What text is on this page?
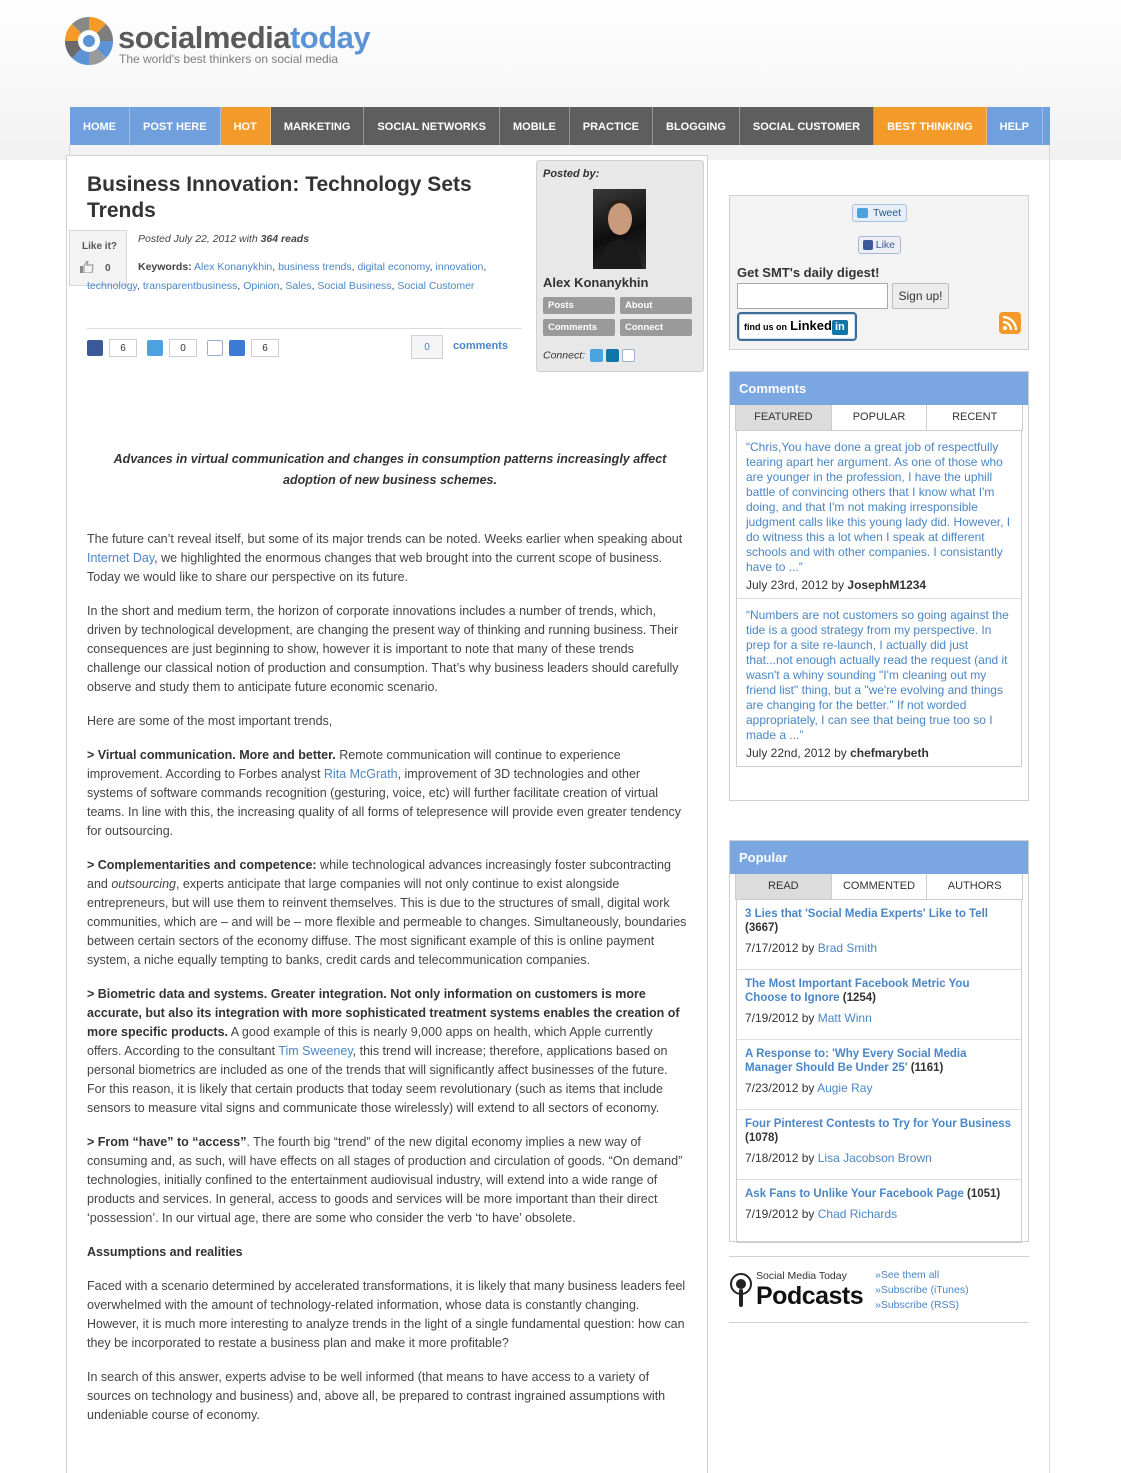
socialmediatoday
The world's best thinkers on social media
HOME	POST HERE	HOT	MARKETING	SOCIAL NETWORKS	MOBILE	PRACTICE	BLOGGING	SOCIAL CUSTOMER	BEST THINKING	HELP
Business Innovation: Technology Sets Trends
Like it?
0
Posted July 22, 2012 with 364 reads
Keywords: Alex Konanykhin, business trends, digital economy, innovation, technology, transparentbusiness, Opinion, Sales, Social Business, Social Customer
6	0	6	0	comments
Posted by:
Alex Konanykhin
Posts	About
Comments	Connect
Connect:
Advances in virtual communication and changes in consumption patterns increasingly affect adoption of new business schemes.

The future can’t reveal itself, but some of its major trends can be noted. Weeks earlier when speaking about Internet Day, we highlighted the enormous changes that web brought into the current scope of business. Today we would like to share our perspective on its future.

In the short and medium term, the horizon of corporate innovations includes a number of trends, which, driven by technological development, are changing the present way of thinking and running business. Their consequences are just beginning to show, however it is important to note that many of these trends challenge our classical notion of production and consumption. That’s why business leaders should carefully observe and study them to anticipate future economic scenario.

Here are some of the most important trends,

> Virtual communication. More and better. Remote communication will continue to experience improvement. According to Forbes analyst Rita McGrath, improvement of 3D technologies and other systems of software commands recognition (gesturing, voice, etc) will further facilitate creation of virtual teams. In line with this, the increasing quality of all forms of telepresence will provide even greater tendency for outsourcing.

> Complementarities and competence: while technological advances increasingly foster subcontracting and outsourcing, experts anticipate that large companies will not only continue to exist alongside entrepreneurs, but will use them to reinvent themselves. This is due to the structures of small, digital work communities, which are – and will be – more flexible and permeable to changes. Simultaneously, boundaries between certain sectors of the economy diffuse. The most significant example of this is online payment system, a niche equally tempting to banks, credit cards and telecommunication companies.

> Biometric data and systems. Greater integration. Not only information on customers is more accurate, but also its integration with more sophisticated treatment systems enables the creation of more specific products. A good example of this is nearly 9,000 apps on health, which Apple currently offers. According to the consultant Tim Sweeney, this trend will increase; therefore, applications based on personal biometrics are included as one of the trends that will significantly affect businesses of the future. For this reason, it is likely that certain products that today seem revolutionary (such as items that include sensors to measure vital signs and communicate those wirelessly) will extend to all sectors of economy.

> From “have” to “access”. The fourth big “trend” of the new digital economy implies a new way of consuming and, as such, will have effects on all stages of production and circulation of goods. “On demand” technologies, initially confined to the entertainment audiovisual industry, will extend into a wide range of products and services. In general, access to goods and services will be more important than their direct ‘possession’. In our virtual age, there are some who consider the verb ‘to have’ obsolete.

Assumptions and realities

Faced with a scenario determined by accelerated transformations, it is likely that many business leaders feel overwhelmed with the amount of technology-related information, whose data is constantly changing. However, it is much more interesting to analyze trends in the light of a single fundamental question: how can they be incorporated to restate a business plan and make it more profitable?

In search of this answer, experts advise to be well informed (that means to have access to a variety of sources on technology and business) and, above all, be prepared to contrast ingrained assumptions with undeniable course of economy.

Tweet
Like
Get SMT's daily digest!
Sign up!
find us on Linked in
Comments
FEATURED	POPULAR	RECENT
“Chris,You have done a great job of respectfully tearing apart her argument. As one of those who are younger in the profession, I have the uphill battle of convincing others that I know what I'm doing, and that I'm not making irresponsible judgment calls like this young lady did. However, I do witness this a lot when I speak at different schools and with other companies. I consistantly have to ...”
July 23rd, 2012 by JosephM1234
“Numbers are not customers so going against the tide is a good strategy from my perspective. In prep for a site re-launch, I actually did just that...not enough actually read the request (and it wasn't a whiny sounding "I'm cleaning out my friend list" thing, but a "we're evolving and things are changing for the better." If not worded appropriately, I can see that being true too so I made a ...”
July 22nd, 2012 by chefmarybeth
Popular
READ	COMMENTED	AUTHORS
3 Lies that 'Social Media Experts' Like to Tell (3667)
7/17/2012 by Brad Smith
The Most Important Facebook Metric You Choose to Ignore (1254)
7/19/2012 by Matt Winn
A Response to: 'Why Every Social Media Manager Should Be Under 25' (1161)
7/23/2012 by Augie Ray
Four Pinterest Contests to Try for Your Business (1078)
7/18/2012 by Lisa Jacobson Brown
Ask Fans to Unlike Your Facebook Page (1051)
7/19/2012 by Chad Richards
Social Media Today
Podcasts
»See them all
»Subscribe (iTunes)
»Subscribe (RSS)
